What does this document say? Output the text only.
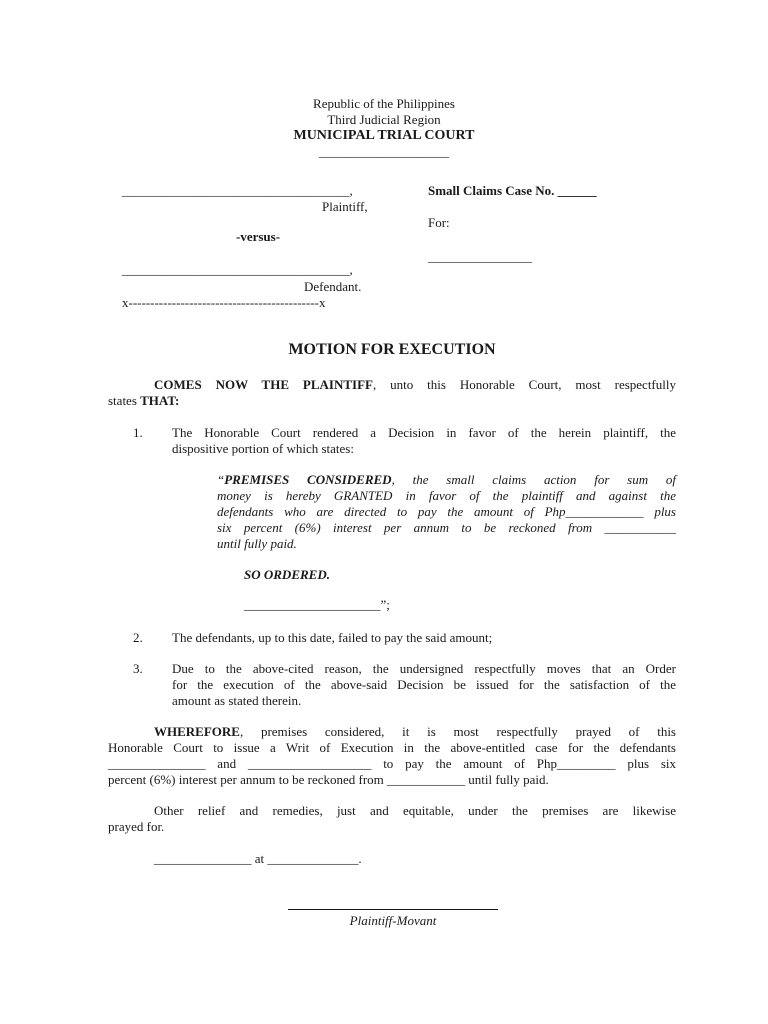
Republic of the Philippines
Third Judicial Region
MUNICIPAL TRIAL COURT
____________________
___________________________________,
Plaintiff,
-versus-
___________________________________,
Defendant.
x--------------------------------------------x
Small Claims Case No. ______
For:
________________
MOTION FOR EXECUTION
COMES NOW THE PLAINTIFF, unto this Honorable Court, most respectfully
states THAT:
1. The Honorable Court rendered a Decision in favor of the herein plaintiff, the
dispositive portion of which states:
“PREMISES CONSIDERED, the small claims action for sum of
money is hereby GRANTED in favor of the plaintiff and against the
defendants who are directed to pay the amount of Php____________ plus
six percent (6%) interest per annum to be reckoned from ___________
until fully paid.
SO ORDERED.
_____________________”;
2. The defendants, up to this date, failed to pay the said amount;
3. Due to the above-cited reason, the undersigned respectfully moves that an Order
for the execution of the above-said Decision be issued for the satisfaction of the
amount as stated therein.
WHEREFORE, premises considered, it is most respectfully prayed of this
Honorable Court to issue a Writ of Execution in the above-entitled case for the defendants
_______________ and ___________________ to pay the amount of Php_________ plus six
percent (6%) interest per annum to be reckoned from ____________ until fully paid.
Other relief and remedies, just and equitable, under the premises are likewise
prayed for.
_______________ at ______________.
Plaintiff-Movant
